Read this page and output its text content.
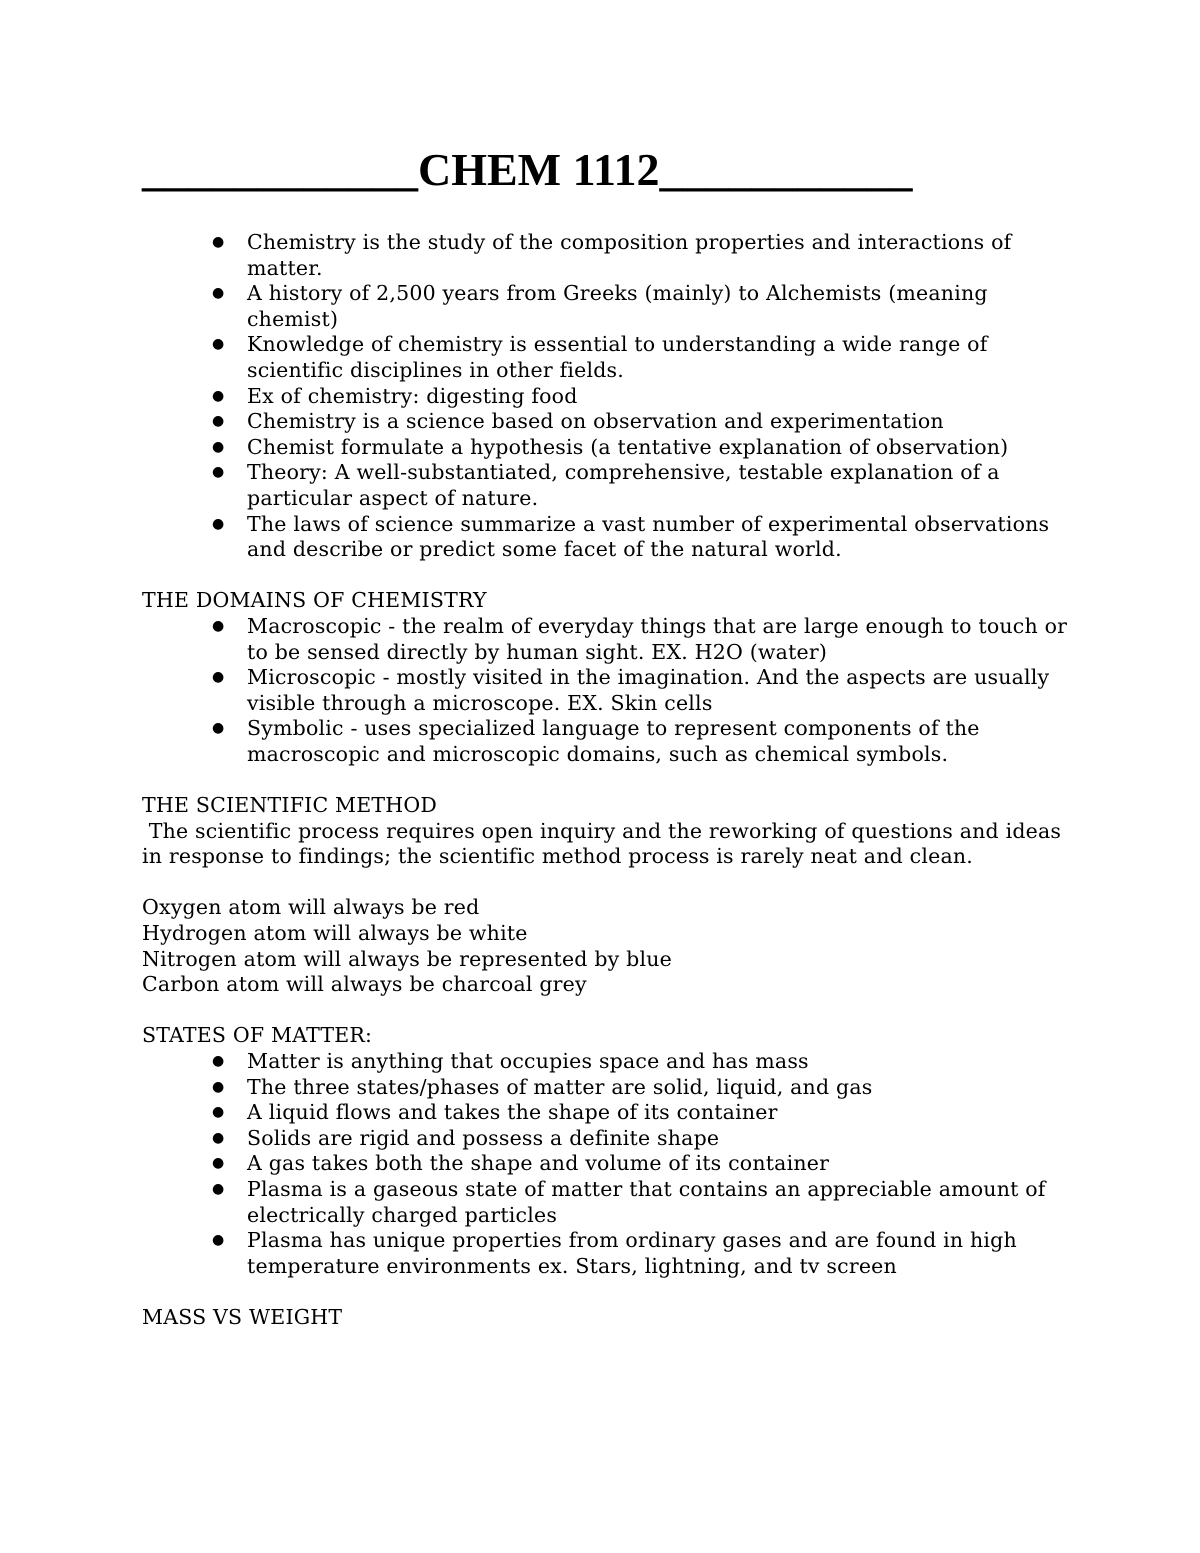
____________CHEM 1112___________
● Chemistry is the study of the composition properties and interactions of matter.
● A history of 2,500 years from Greeks (mainly) to Alchemists (meaning chemist)
● Knowledge of chemistry is essential to understanding a wide range of scientific disciplines in other fields.
● Ex of chemistry: digesting food
● Chemistry is a science based on observation and experimentation
● Chemist formulate a hypothesis (a tentative explanation of observation)
● Theory: A well-substantiated, comprehensive, testable explanation of a particular aspect of nature.
● The laws of science summarize a vast number of experimental observations and describe or predict some facet of the natural world.
THE DOMAINS OF CHEMISTRY
● Macroscopic - the realm of everyday things that are large enough to touch or to be sensed directly by human sight. EX. H2O (water)
● Microscopic - mostly visited in the imagination. And the aspects are usually visible through a microscope. EX. Skin cells
● Symbolic - uses specialized language to represent components of the macroscopic and microscopic domains, such as chemical symbols.
THE SCIENTIFIC METHOD
The scientific process requires open inquiry and the reworking of questions and ideas in response to findings; the scientific method process is rarely neat and clean.
Oxygen atom will always be red
Hydrogen atom will always be white
Nitrogen atom will always be represented by blue
Carbon atom will always be charcoal grey
STATES OF MATTER:
● Matter is anything that occupies space and has mass
● The three states/phases of matter are solid, liquid, and gas
● A liquid flows and takes the shape of its container
● Solids are rigid and possess a definite shape
● A gas takes both the shape and volume of its container
● Plasma is a gaseous state of matter that contains an appreciable amount of electrically charged particles
● Plasma has unique properties from ordinary gases and are found in high temperature environments ex. Stars, lightning, and tv screen
MASS VS WEIGHT
